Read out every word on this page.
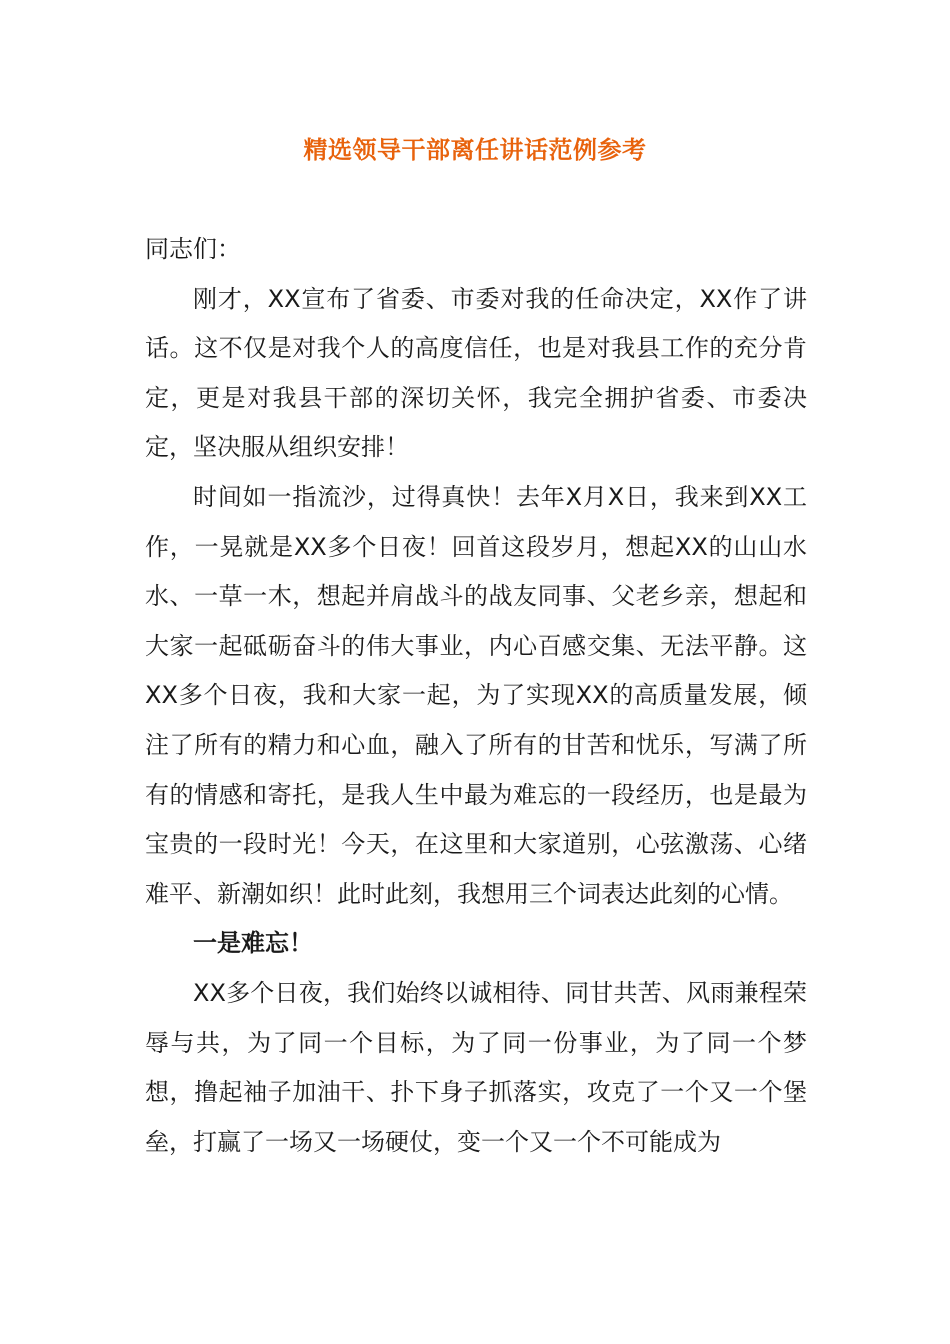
精选领导干部离任讲话范例参考

同志们：

刚才，XX宣布了省委、市委对我的任命决定，XX作了讲话。这不仅是对我个人的高度信任，也是对我县工作的充分肯定，更是对我县干部的深切关怀，我完全拥护省委、市委决定，坚决服从组织安排！

时间如一指流沙，过得真快！去年X月X日，我来到XX工作，一晃就是XX多个日夜！回首这段岁月，想起XX的山山水水、一草一木，想起并肩战斗的战友同事、父老乡亲，想起和大家一起砥砺奋斗的伟大事业，内心百感交集、无法平静。这XX多个日夜，我和大家一起，为了实现XX的高质量发展，倾注了所有的精力和心血，融入了所有的甘苦和忧乐，写满了所有的情感和寄托，是我人生中最为难忘的一段经历，也是最为宝贵的一段时光！今天，在这里和大家道别，心弦激荡、心绪难平、新潮如织！此时此刻，我想用三个词表达此刻的心情。

一是难忘！

XX多个日夜，我们始终以诚相待、同甘共苦、风雨兼程荣辱与共，为了同一个目标，为了同一份事业，为了同一个梦想，撸起袖子加油干、扑下身子抓落实，攻克了一个又一个堡垒，打赢了一场又一场硬仗，变一个又一个不可能成为
